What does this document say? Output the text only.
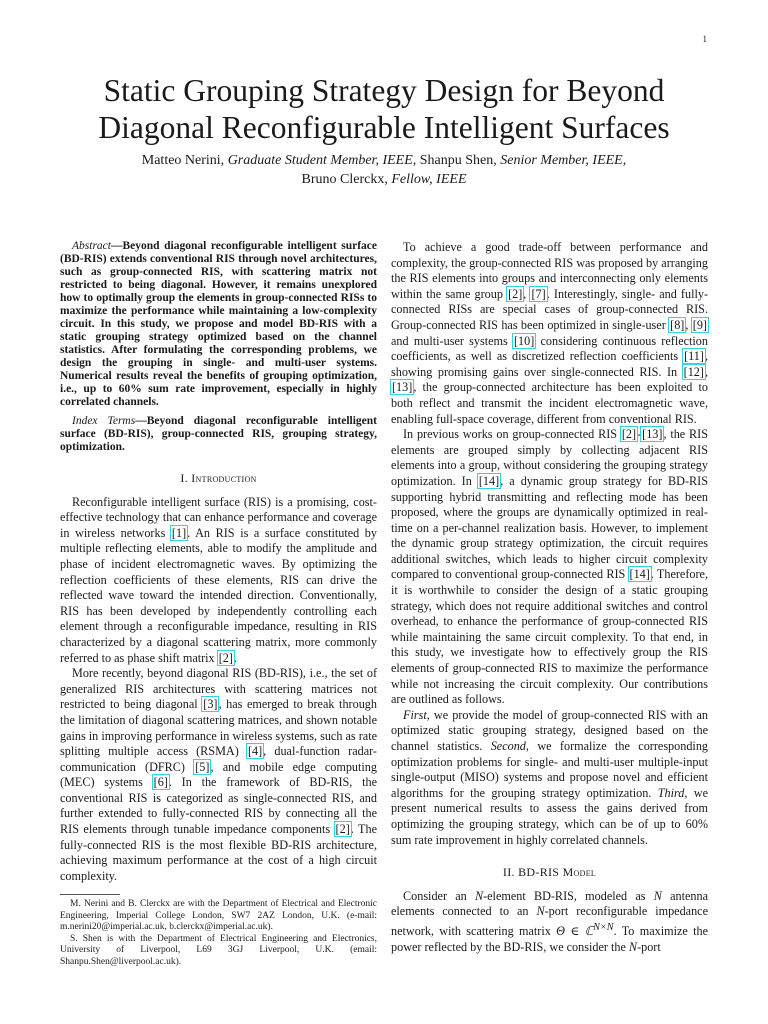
1
Static Grouping Strategy Design for Beyond
Diagonal Reconfigurable Intelligent Surfaces
Matteo Nerini, Graduate Student Member, IEEE, Shanpu Shen, Senior Member, IEEE,
Bruno Clerckx, Fellow, IEEE

Abstract—Beyond diagonal reconfigurable intelligent surface (BD-RIS) extends conventional RIS through novel architectures, such as group-connected RIS, with scattering matrix not restricted to being diagonal. However, it remains unexplored how to optimally group the elements in group-connected RISs to maximize the performance while maintaining a low-complexity circuit. In this study, we propose and model BD-RIS with a static grouping strategy optimized based on the channel statistics. After formulating the corresponding problems, we design the grouping in single- and multi-user systems. Numerical results reveal the benefits of grouping optimization, i.e., up to 60% sum rate improvement, especially in highly correlated channels.

Index Terms—Beyond diagonal reconfigurable intelligent surface (BD-RIS), group-connected RIS, grouping strategy, optimization.

I. Introduction

Reconfigurable intelligent surface (RIS) is a promising, cost-effective technology that can enhance performance and coverage in wireless networks [1]. An RIS is a surface constituted by multiple reflecting elements, able to modify the amplitude and phase of incident electromagnetic waves. By optimizing the reflection coefficients of these elements, RIS can drive the reflected wave toward the intended direction. Conventionally, RIS has been developed by independently controlling each element through a reconfigurable impedance, resulting in RIS characterized by a diagonal scattering matrix, more commonly referred to as phase shift matrix [2].

More recently, beyond diagonal RIS (BD-RIS), i.e., the set of generalized RIS architectures with scattering matrices not restricted to being diagonal [3], has emerged to break through the limitation of diagonal scattering matrices, and shown notable gains in improving performance in wireless systems, such as rate splitting multiple access (RSMA) [4], dual-function radar-communication (DFRC) [5], and mobile edge computing (MEC) systems [6]. In the framework of BD-RIS, the conventional RIS is categorized as single-connected RIS, and further extended to fully-connected RIS by connecting all the RIS elements through tunable impedance components [2]. The fully-connected RIS is the most flexible BD-RIS architecture, achieving maximum performance at the cost of a high circuit complexity.

M. Nerini and B. Clerckx are with the Department of Electrical and Electronic Engineering, Imperial College London, SW7 2AZ London, U.K. (e-mail: m.nerini20@imperial.ac.uk, b.clerckx@imperial.ac.uk).

S. Shen is with the Department of Electrical Engineering and Electronics, University of Liverpool, L69 3GJ Liverpool, U.K. (email: Shanpu.Shen@liverpool.ac.uk).

To achieve a good trade-off between performance and complexity, the group-connected RIS was proposed by arranging the RIS elements into groups and interconnecting only elements within the same group [2], [7]. Interestingly, single- and fully-connected RISs are special cases of group-connected RIS. Group-connected RIS has been optimized in single-user [8], [9] and multi-user systems [10] considering continuous reflection coefficients, as well as discretized reflection coefficients [11], showing promising gains over single-connected RIS. In [12], [13], the group-connected architecture has been exploited to both reflect and transmit the incident electromagnetic wave, enabling full-space coverage, different from conventional RIS.

In previous works on group-connected RIS [2]-[13], the RIS elements are grouped simply by collecting adjacent RIS elements into a group, without considering the grouping strategy optimization. In [14], a dynamic group strategy for BD-RIS supporting hybrid transmitting and reflecting mode has been proposed, where the groups are dynamically optimized in real-time on a per-channel realization basis. However, to implement the dynamic group strategy optimization, the circuit requires additional switches, which leads to higher circuit complexity compared to conventional group-connected RIS [14]. Therefore, it is worthwhile to consider the design of a static grouping strategy, which does not require additional switches and control overhead, to enhance the performance of group-connected RIS while maintaining the same circuit complexity. To that end, in this study, we investigate how to effectively group the RIS elements of group-connected RIS to maximize the performance while not increasing the circuit complexity. Our contributions are outlined as follows.

First, we provide the model of group-connected RIS with an optimized static grouping strategy, designed based on the channel statistics. Second, we formalize the corresponding optimization problems for single- and multi-user multiple-input single-output (MISO) systems and propose novel and efficient algorithms for the grouping strategy optimization. Third, we present numerical results to assess the gains derived from optimizing the grouping strategy, which can be of up to 60% sum rate improvement in highly correlated channels.

II. BD-RIS Model

Consider an N-element BD-RIS, modeled as N antenna elements connected to an N-port reconfigurable impedance network, with scattering matrix Θ ∈ ℂ$^{N\times N}$. To maximize the power reflected by the BD-RIS, we consider the N-port
